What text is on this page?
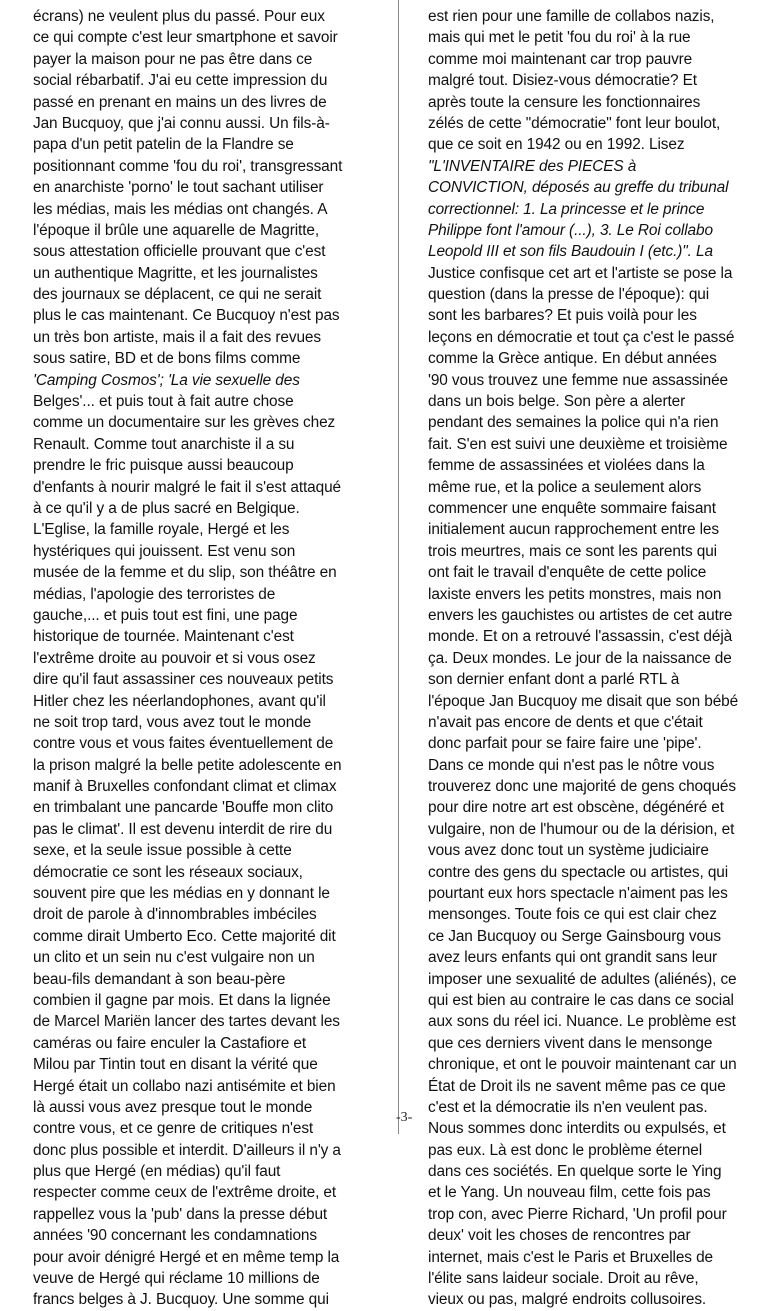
écrans) ne veulent plus du passé. Pour eux
ce qui compte c'est leur smartphone et savoir
payer la maison pour ne pas être dans ce
social rébarbatif. J'ai eu cette impression du
passé en prenant en mains un des livres de
Jan Bucquoy, que j'ai connu aussi. Un fils-à-
papa d'un petit patelin de la Flandre se
positionnant comme 'fou du roi', transgressant
en anarchiste 'porno' le tout sachant utiliser
les médias, mais les médias ont changés. A
l'époque il brûle une aquarelle de Magritte,
sous attestation officielle prouvant que c'est
un authentique Magritte, et les journalistes
des journaux se déplacent, ce qui ne serait
plus le cas maintenant. Ce Bucquoy n'est pas
un très bon artiste, mais il a fait des revues
sous satire, BD et de bons films comme
'Camping Cosmos'; 'La vie sexuelle des
Belges'... et puis tout à fait autre chose
comme un documentaire sur les grèves chez
Renault. Comme tout anarchiste il a su
prendre le fric puisque aussi beaucoup
d'enfants à nourir malgré le fait il s'est attaqué
à ce qu'il y a de plus sacré en Belgique.
L'Eglise, la famille royale, Hergé et les
hystériques qui jouissent. Est venu son
musée de la femme et du slip, son théâtre en
médias, l'apologie des terroristes de
gauche,... et puis tout est fini, une page
historique de tournée. Maintenant c'est
l'extrême droite au pouvoir et si vous osez
dire qu'il faut assassiner ces nouveaux petits
Hitler chez les néerlandophones, avant qu'il
ne soit trop tard, vous avez tout le monde
contre vous et vous faites éventuellement de
la prison malgré la belle petite adolescente en
manif à Bruxelles confondant climat et climax
en trimbalant une pancarde 'Bouffe mon clito
pas le climat'. Il est devenu interdit de rire du
sexe, et la seule issue possible à cette
démocratie ce sont les réseaux sociaux,
souvent pire que les médias en y donnant le
droit de parole à d'innombrables imbéciles
comme dirait Umberto Eco. Cette majorité dit
un clito et un sein nu c'est vulgaire non un
beau-fils demandant à son beau-père
combien il gagne par mois. Et dans la lignée
de Marcel Mariën lancer des tartes devant les
caméras ou faire enculer la Castafiore et
Milou par Tintin tout en disant la vérité que
Hergé était un collabo nazi antisémite et bien
là aussi vous avez presque tout le monde
contre vous, et ce genre de critiques n'est
donc plus possible et interdit. D'ailleurs il n'y a
plus que Hergé (en médias) qu'il faut
respecter comme ceux de l'extrême droite, et
rappellez vous la 'pub' dans la presse début
années '90 concernant les condamnations
pour avoir dénigré Hergé et en même temp la
veuve de Hergé qui réclame 10 millions de
francs belges à J. Bucquoy. Une somme qui
est rien pour une famille de collabos nazis,
mais qui met le petit 'fou du roi' à la rue
comme moi maintenant car trop pauvre
malgré tout. Disiez-vous démocratie? Et
après toute la censure les fonctionnaires
zélés de cette "démocratie" font leur boulot,
que ce soit en 1942 ou en 1992. Lisez
"L'INVENTAIRE des PIECES à
CONVICTION, déposés au greffe du tribunal
correctionnel: 1. La princesse et le prince
Philippe font l'amour (...), 3. Le Roi collabo
Leopold III et son fils Baudouin I (etc.)". La
Justice confisque cet art et l'artiste se pose la
question (dans la presse de l'époque): qui
sont les barbares? Et puis voilà pour les
leçons en démocratie et tout ça c'est le passé
comme la Grèce antique. En début années
'90 vous trouvez une femme nue assassinée
dans un bois belge. Son père a alerter
pendant des semaines la police qui n'a rien
fait. S'en est suivi une deuxième et troisième
femme de assassinées et violées dans la
même rue, et la police a seulement alors
commencer une enquête sommaire faisant
initialement aucun rapprochement entre les
trois meurtres, mais ce sont les parents qui
ont fait le travail d'enquête de cette police
laxiste envers les petits monstres, mais non
envers les gauchistes ou artistes de cet autre
monde. Et on a retrouvé l'assassin, c'est déjà
ça. Deux mondes. Le jour de la naissance de
son dernier enfant dont a parlé RTL à
l'époque Jan Bucquoy me disait que son bébé
n'avait pas encore de dents et que c'était
donc parfait pour se faire faire une 'pipe'.
Dans ce monde qui n'est pas le nôtre vous
trouverez donc une majorité de gens choqués
pour dire notre art est obscène, dégénéré et
vulgaire, non de l'humour ou de la dérision, et
vous avez donc tout un système judiciaire
contre des gens du spectacle ou artistes, qui
pourtant eux hors spectacle n'aiment pas les
mensonges. Toute fois ce qui est clair chez
ce Jan Bucquoy ou Serge Gainsbourg vous
avez leurs enfants qui ont grandit sans leur
imposer une sexualité de adultes (aliénés), ce
qui est bien au contraire le cas dans ce social
aux sons du réel ici. Nuance. Le problème est
que ces derniers vivent dans le mensonge
chronique, et ont le pouvoir maintenant car un
État de Droit ils ne savent même pas ce que
c'est et la démocratie ils n'en veulent pas.
Nous sommes donc interdits ou expulsés, et
pas eux. Là est donc le problème éternel
dans ces sociétés. En quelque sorte le Ying
et le Yang. Un nouveau film, cette fois pas
trop con, avec Pierre Richard, 'Un profil pour
deux' voit les choses de rencontres par
internet, mais c'est le Paris et Bruxelles de
l'élite sans laideur sociale. Droit au rêve,
vieux ou pas, malgré endroits collusoires.
-3-
